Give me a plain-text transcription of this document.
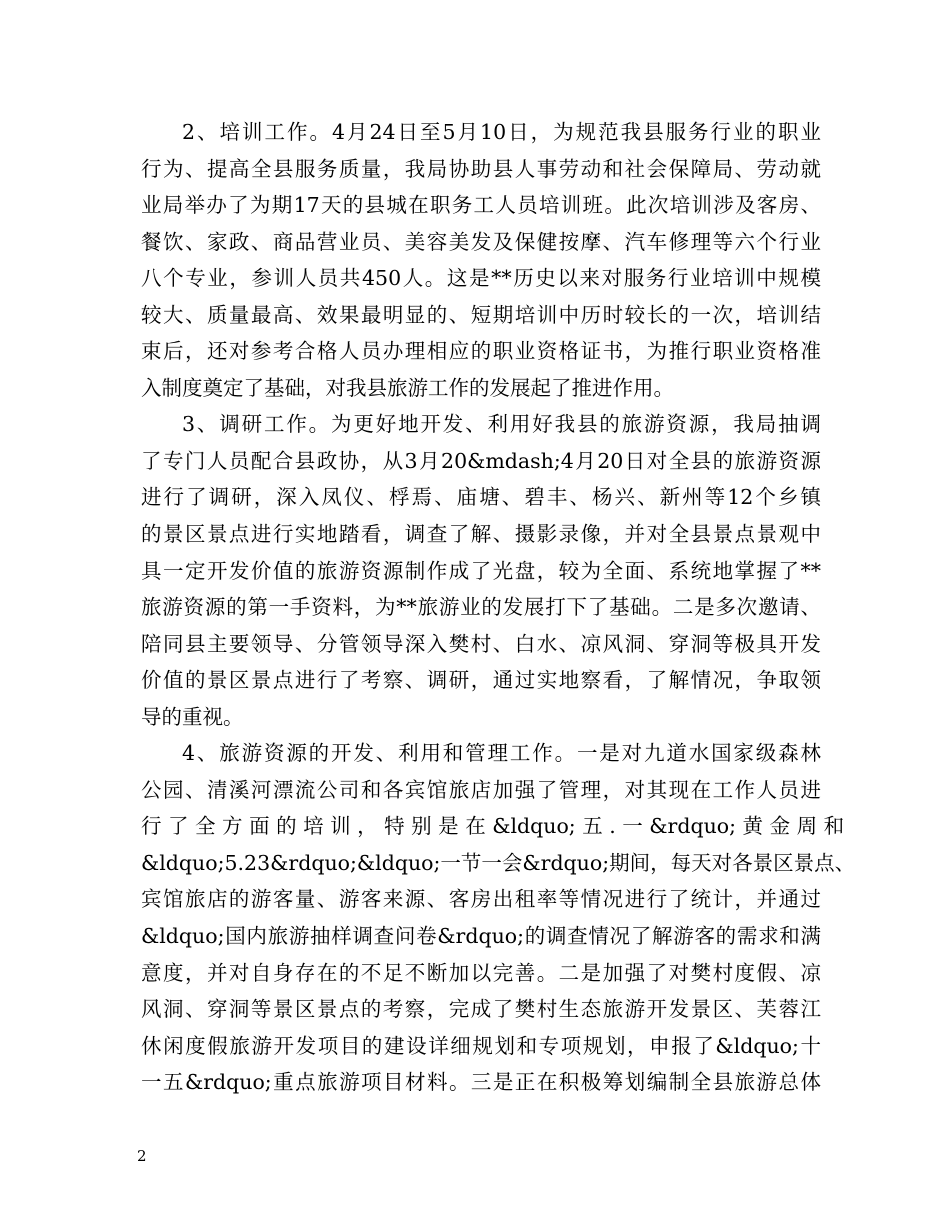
2、培训工作。4月24日至5月10日，为规范我县服务行业的职业
行为、提高全县服务质量，我局协助县人事劳动和社会保障局、劳动就
业局举办了为期17天的县城在职务工人员培训班。此次培训涉及客房、
餐饮、家政、商品营业员、美容美发及保健按摩、汽车修理等六个行业
八个专业，参训人员共450人。这是**历史以来对服务行业培训中规模
较大、质量最高、效果最明显的、短期培训中历时较长的一次，培训结
束后，还对参考合格人员办理相应的职业资格证书，为推行职业资格准
入制度奠定了基础，对我县旅游工作的发展起了推进作用。
3、调研工作。为更好地开发、利用好我县的旅游资源，我局抽调
了专门人员配合县政协，从3月20&mdash;4月20日对全县的旅游资源
进行了调研，深入凤仪、桴焉、庙塘、碧丰、杨兴、新州等12个乡镇
的景区景点进行实地踏看，调查了解、摄影录像，并对全县景点景观中
具一定开发价值的旅游资源制作成了光盘，较为全面、系统地掌握了**
旅游资源的第一手资料，为**旅游业的发展打下了基础。二是多次邀请、
陪同县主要领导、分管领导深入樊村、白水、凉风洞、穿洞等极具开发
价值的景区景点进行了考察、调研，通过实地察看，了解情况，争取领
导的重视。
4、旅游资源的开发、利用和管理工作。一是对九道水国家级森林
公园、清溪河漂流公司和各宾馆旅店加强了管理，对其现在工作人员进
行 了 全 方 面 的 培 训 ， 特 别 是 在 &ldquo; 五 . 一 &rdquo; 黄 金 周 和
&ldquo;5.23&rdquo;&ldquo;一节一会&rdquo;期间，每天对各景区景点、
宾馆旅店的游客量、游客来源、客房出租率等情况进行了统计，并通过
&ldquo;国内旅游抽样调查问卷&rdquo;的调查情况了解游客的需求和满
意度，并对自身存在的不足不断加以完善。二是加强了对樊村度假、凉
风洞、穿洞等景区景点的考察，完成了樊村生态旅游开发景区、芙蓉江
休闲度假旅游开发项目的建设详细规划和专项规划，申报了&ldquo;十
一五&rdquo;重点旅游项目材料。三是正在积极筹划编制全县旅游总体
2
